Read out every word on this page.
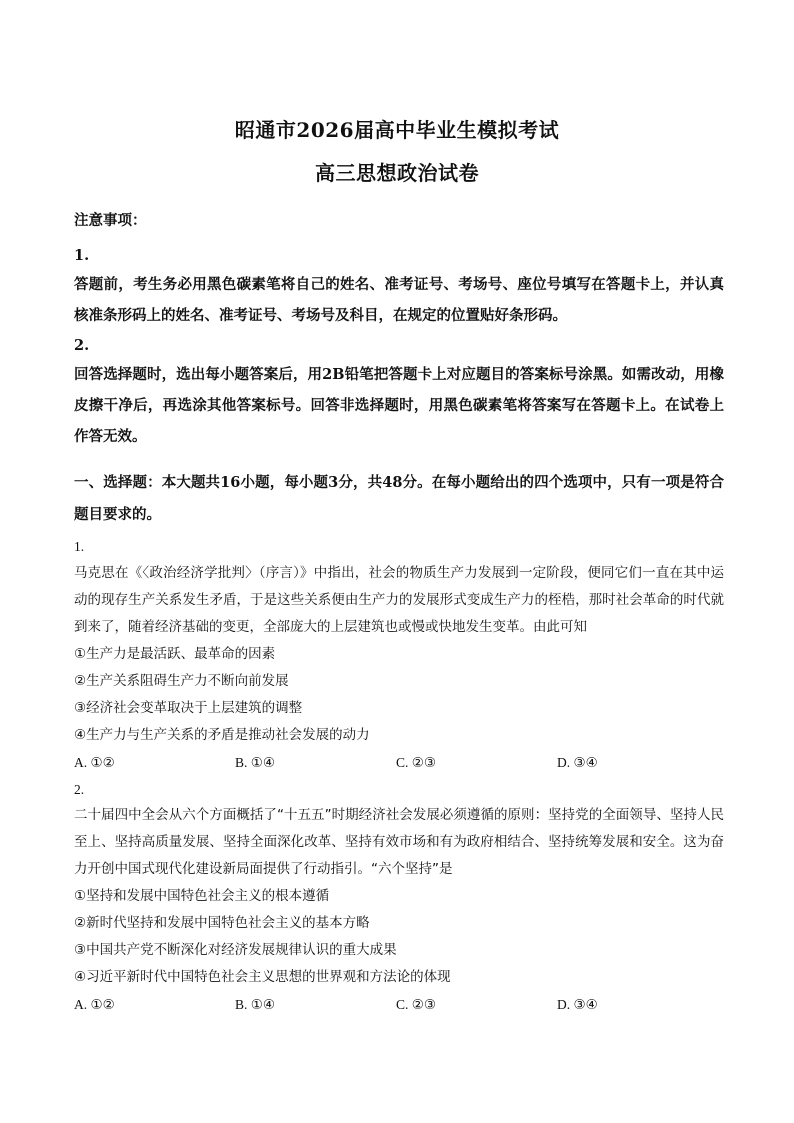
昭通市2026届高中毕业生模拟考试
高三思想政治试卷
注意事项：
1.
答题前，考生务必用黑色碳素笔将自己的姓名、准考证号、考场号、座位号填写在答题卡上，并认真核准条形码上的姓名、准考证号、考场号及科目，在规定的位置贴好条形码。
2.
回答选择题时，选出每小题答案后，用2B铅笔把答题卡上对应题目的答案标号涂黑。如需改动，用橡皮擦干净后，再选涂其他答案标号。回答非选择题时，用黑色碳素笔将答案写在答题卡上。在试卷上作答无效。
一、选择题：本大题共16小题，每小题3分，共48分。在每小题给出的四个选项中，只有一项是符合题目要求的。
1.
马克思在《〈政治经济学批判〉（序言）》中指出，社会的物质生产力发展到一定阶段，便同它们一直在其中运动的现存生产关系发生矛盾，于是这些关系便由生产力的发展形式变成生产力的桎梏，那时社会革命的时代就到来了，随着经济基础的变更，全部庞大的上层建筑也或慢或快地发生变革。由此可知
①生产力是最活跃、最革命的因素
②生产关系阻碍生产力不断向前发展
③经济社会变革取决于上层建筑的调整
④生产力与生产关系的矛盾是推动社会发展的动力
A. ①②	B. ①④	C. ②③	D. ③④
2.
二十届四中全会从六个方面概括了“十五五”时期经济社会发展必须遵循的原则：坚持党的全面领导、坚持人民至上、坚持高质量发展、坚持全面深化改革、坚持有效市场和有为政府相结合、坚持统筹发展和安全。这为奋力开创中国式现代化建设新局面提供了行动指引。“六个坚持”是
①坚持和发展中国特色社会主义的根本遵循
②新时代坚持和发展中国特色社会主义的基本方略
③中国共产党不断深化对经济发展规律认识的重大成果
④习近平新时代中国特色社会主义思想的世界观和方法论的体现
A. ①②	B. ①④	C. ②③	D. ③④
